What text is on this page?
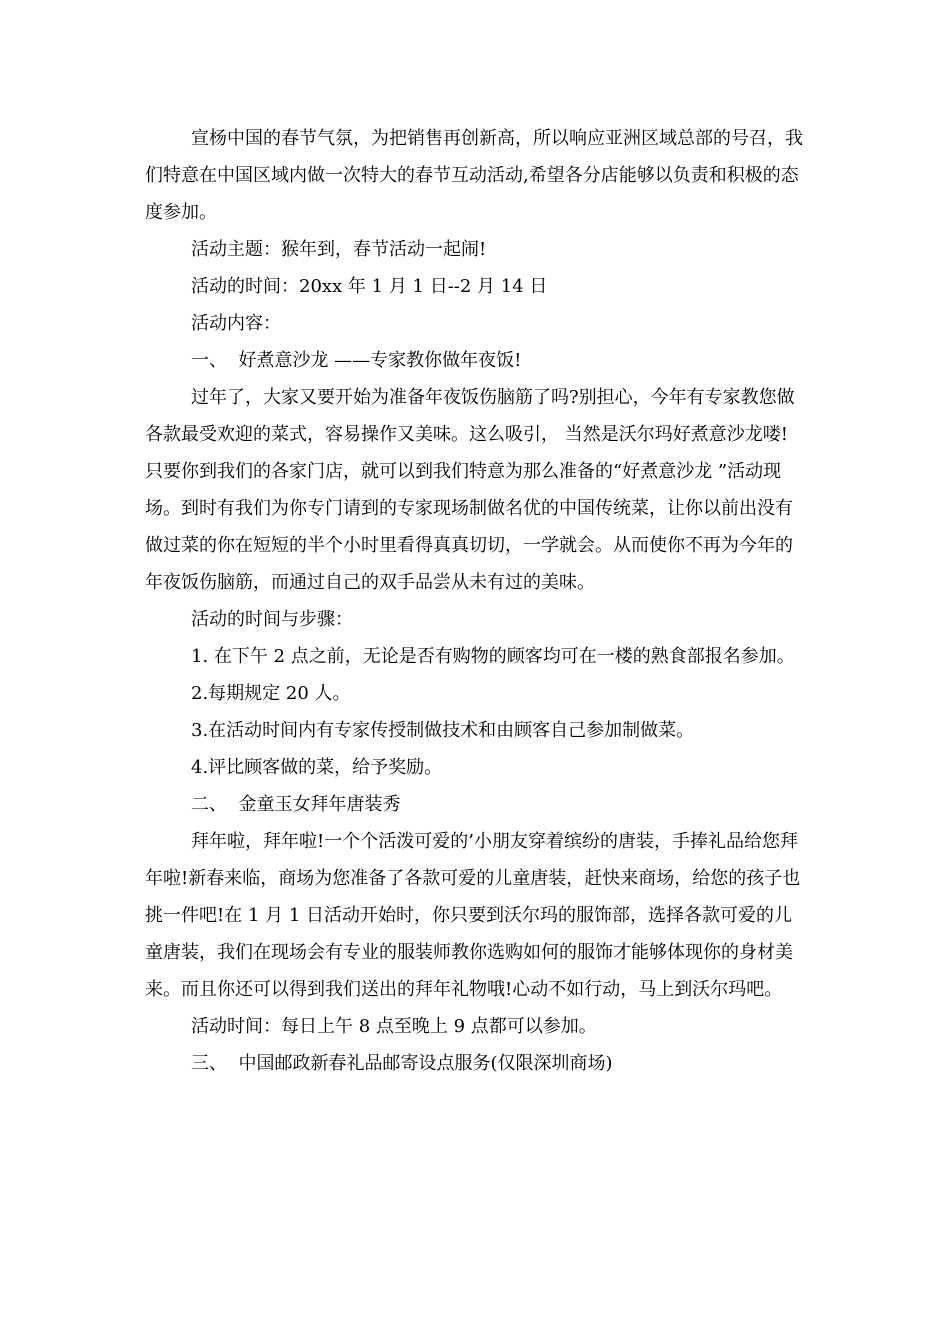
宣杨中国的春节气氛，为把销售再创新高，所以响应亚洲区域总部的号召，我们特意在中国区域内做一次特大的春节互动活动,希望各分店能够以负责和积极的态度参加。

活动主题：猴年到，春节活动一起闹!

活动的时间：20xx 年 1 月 1 日--2 月 14 日

活动内容：

一、  好煮意沙龙 ——专家教你做年夜饭!

过年了，大家又要开始为准备年夜饭伤脑筋了吗?别担心，今年有专家教您做各款最受欢迎的菜式，容易操作又美味。这么吸引， 当然是沃尔玛好煮意沙龙喽!只要你到我们的各家门店，就可以到我们特意为那么准备的“好煮意沙龙 ”活动现场。到时有我们为你专门请到的专家现场制做名优的中国传统菜，让你以前出没有做过菜的你在短短的半个小时里看得真真切切，一学就会。从而使你不再为今年的年夜饭伤脑筋，而通过自己的双手品尝从未有过的美味。

活动的时间与步骤：

1. 在下午 2 点之前，无论是否有购物的顾客均可在一楼的熟食部报名参加。

2.每期规定 20 人。

3.在活动时间内有专家传授制做技术和由顾客自己参加制做菜。

4.评比顾客做的菜，给予奖励。

二、  金童玉女拜年唐装秀

拜年啦，拜年啦!一个个活泼可爱的’小朋友穿着缤纷的唐装，手捧礼品给您拜年啦!新春来临，商场为您准备了各款可爱的儿童唐装，赶快来商场，给您的孩子也挑一件吧!在 1 月 1 日活动开始时，你只要到沃尔玛的服饰部，选择各款可爱的儿童唐装，我们在现场会有专业的服装师教你选购如何的服饰才能够体现你的身材美来。而且你还可以得到我们送出的拜年礼物哦!心动不如行动，马上到沃尔玛吧。

活动时间：每日上午 8 点至晚上 9 点都可以参加。

三、  中国邮政新春礼品邮寄设点服务(仅限深圳商场)
